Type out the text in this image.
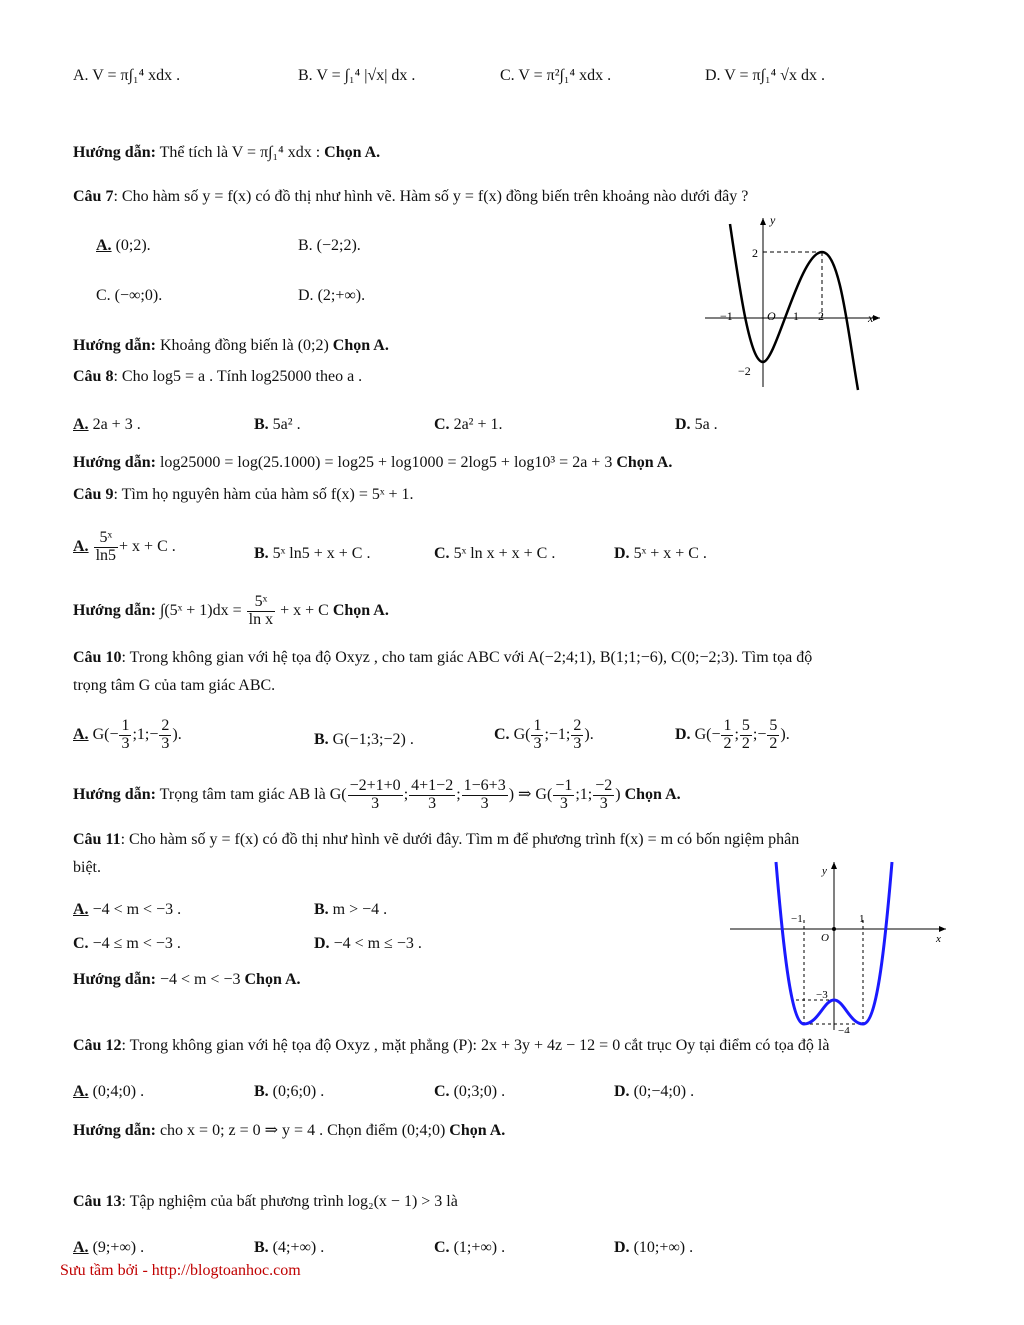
A. V = π∫₁⁴ xdx .	B. V = ∫₁⁴ |√x| dx .	C. V = π²∫₁⁴ xdx .	D. V = π∫₁⁴ √x dx .
Hướng dẫn: Thể tích là V = π∫₁⁴ xdx : Chọn A.
Câu 7: Cho hàm số y = f(x) có đồ thị như hình vẽ. Hàm số y = f(x) đồng biến trên khoảng nào dưới đây ?
A. (0;2).	B. (−2;2).
C. (−∞;0).	D. (2;+∞).
Hướng dẫn: Khoảng đồng biến là (0;2) Chọn A.
y
x
O
2
−1	1 2
−2
Câu 8: Cho log5 = a . Tính log25000 theo a .
A. 2a + 3 .	B. 5a² .	C. 2a² + 1.	D. 5a .
Hướng dẫn: log25000 = log(25.1000) = log25 + log1000 = 2log5 + log10³ = 2a + 3 Chọn A.
Câu 9: Tìm họ nguyên hàm của hàm số f(x) = 5ˣ + 1.
A. $\frac{\text{5ˣ}}{\ln 5} + x + C$ .	B. 5ˣ ln5 + x + C .	C. 5ˣ ln x + x + C .	D. 5ˣ + x + C .
Hướng dẫn: ∫(5ˣ + $1)dx = \frac{\text{5ˣ}}{\text{ln x}} + x + C$ Chọn A.
Câu 10: Trong không gian với hệ tọa độ Oxyz , cho tam giác ABC với A(−2;4;1), B(1;1;−6), C(0;−2;3). Tìm tọa độ
trọng tâm G của tam giác ABC.
A. $G(- \frac{1}{3}$ ;1;− $\frac{2}{3}$ ).	B. G(−1;3;−2) .	C. $G( \frac{1}{3}$ ;−1; $\frac{2}{3}$ ).	D. $G(- \frac{1}{2}$ ; $\frac{5}{2}$ ;− $\frac{5}{2}$ ).
Hướng dẫn: Trọng tâm tam giác AB là $G( \frac{-2+1+0}{3}$ ; $\frac{4+1-2}{3}$ ; $\frac{1-6+3}{3}$ ) ⇒ $G( \frac{-1}{3}$ ;1; $\frac{-2}{3}$ ) Chọn A.
Câu 11: Cho hàm số y = f(x) có đồ thị như hình vẽ dưới đây. Tìm m để phương trình f(x) = m có bốn ngiệm phân
biệt.
A. −4 < m < −3 .	B. m > −4 .
C. −4 ≤ m < −3 .	D. −4 < m ≤ −3 .
Hướng dẫn: −4 < m < −3 Chọn A.
y
x
O
−1	1
−3
−4
Câu 12: Trong không gian với hệ tọa độ Oxyz , mặt phẳng (P): 2x + 3y + 4z − 12 = 0 cắt trục Oy tại điểm có tọa độ là
A. (0;4;0) .	B. (0;6;0) .	C. (0;3;0) .	D. (0;−4;0) .
Hướng dẫn: cho x = 0; z = 0 ⇒ y = 4 . Chọn điểm (0;4;0) Chọn A.
Câu 13: Tập nghiệm của bất phương trình log₂(x − 1) > 3 là
A. (9;+∞) .	B. (4;+∞) .	C. (1;+∞) .	D. (10;+∞) .
Sưu tầm bởi - http://blogtoanhoc.com
